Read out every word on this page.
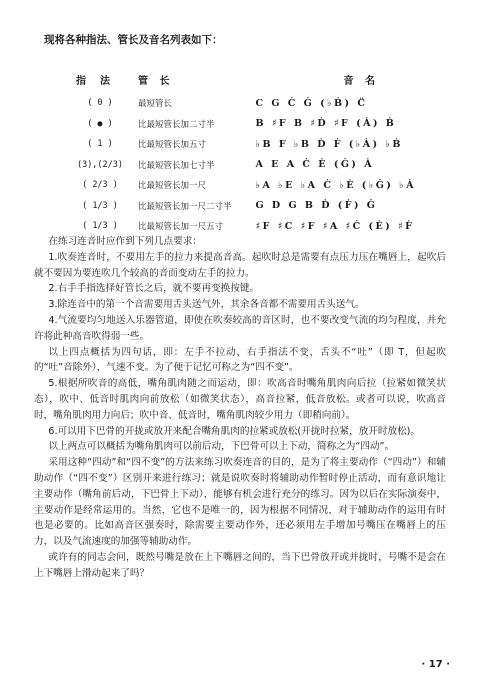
现将各种指法、管长及音名列表如下：
指 法	管 长	音 名
( 0 )	最短管长	C G Ċ Ġ (♭Ḃ) C̈
( ● )	比最短管长加二寸半	B ♯F B ♯Ḋ ♯F (Ȧ) Ḃ
( 1 )	比最短管长加五寸	♭B F ♭B Ḋ Ḟ (♭Ȧ) ♭Ḃ
(3),(2/3)	比最短管长加七寸半	A E A Ċ Ė (Ġ) Ȧ
( 2/3 )	比最短管长加一尺	♭A ♭E ♭A Ċ ♭Ė (♭Ġ) ♭Ȧ
( 1/3 )	比最短管长加一尺二寸半	G D G B Ḋ (Ḟ) Ġ
( 1/3 )	比最短管长加一尺五寸	♯F ♯C ♯F ♯A ♯Ċ (Ė) ♯Ḟ

在练习连音时应作到下列几点要求：

1.吹奏连音时，不要用左手的拉力来提高音高。起吹时总是需要有点压力压在嘴唇上，起吹后就不要因为要连吹几个较高的音而变动左手的拉力。

2.右手手指选择好管长之后，就不要再变换按键。

3.除连音中的第一个音需要用舌头送气外，其余各音都不需要用舌头送气。

4.气流要均匀地送入乐器管道，即使在吹奏较高的音区时，也不要改变气流的均匀程度，并允许将此种高音吹得弱一些。

以上四点概括为四句话，即：左手不拉动，右手指法不变，舌头不“吐”（即 T，但起吹的“吐”音除外），气速不变。为了便于记忆可称之为“四不变”。

5.根据所吹音的高低，嘴角肌肉随之而运动，即：吹高音时嘴角肌肉向后拉（拉紧如微笑状态），吹中、低音时肌肉向前放松（如微笑状态），高音拉紧，低音放松。或者可以说，吹高音时，嘴角肌肉用力向后；吹中音、低音时，嘴角肌肉较少用力（即稍向前）。

6.可以用下巴骨的开拢或放开来配合嘴角肌肉的拉紧或放松(开拢时拉紧，放开时放松)。

以上两点可以概括为嘴角肌肉可以前后动，下巴骨可以上下动，简称之为“四动”。

采用这种“四动”和“四不变”的方法来练习吹奏连音的目的，是为了将主要动作（“四动”）和辅助动作（“四不变”）区别开来进行练习；就是说吹奏时将辅助动作暂时停止活动，而有意识地让主要动作（嘴角前后动，下巴骨上下动），能够有机会进行充分的练习。因为以后在实际演奏中，主要动作是经常运用的。当然，它也不是唯一的，因为根据不同情况，对于辅助动作的运用有时也是必要的。比如高音区强奏时，除需要主要动作外，还必须用左手增加号嘴压在嘴唇上的压力，以及气流速度的加强等辅助动作。

或许有的同志会问，既然号嘴是放在上下嘴唇之间的，当下巴骨放开或并拢时，号嘴不是会在上下嘴唇上滑动起来了吗？

· 17 ·
